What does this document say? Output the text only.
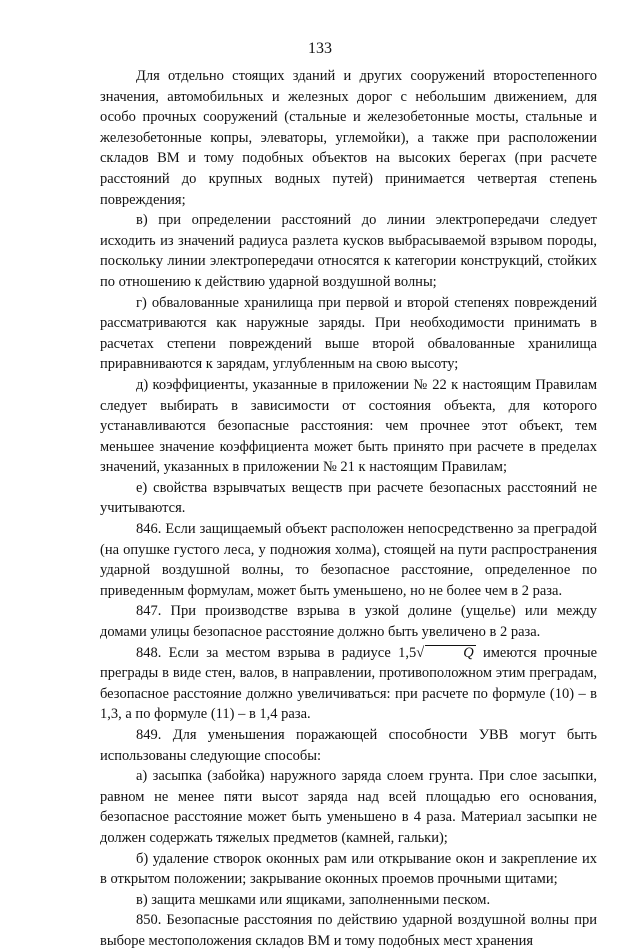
133

Для отдельно стоящих зданий и других сооружений второстепенного значения, автомобильных и железных дорог с небольшим движением, для особо прочных сооружений (стальные и железобетонные мосты, стальные и железобетонные копры, элеваторы, углемойки), а также при расположении складов ВМ и тому подобных объектов на высоких берегах (при расчете расстояний до крупных водных путей) принимается четвертая степень повреждения;

в) при определении расстояний до линии электропередачи следует исходить из значений радиуса разлета кусков выбрасываемой взрывом породы, поскольку линии электропередачи относятся к категории конструкций, стойких по отношению к действию ударной воздушной волны;

г) обвалованные хранилища при первой и второй степенях повреждений рассматриваются как наружные заряды. При необходимости принимать в расчетах степени повреждений выше второй обвалованные хранилища приравниваются к зарядам, углубленным на свою высоту;

д) коэффициенты, указанные в приложении № 22 к настоящим Правилам следует выбирать в зависимости от состояния объекта, для которого устанавливаются безопасные расстояния: чем прочнее этот объект, тем меньшее значение коэффициента может быть принято при расчете в пределах значений, указанных в приложении № 21 к настоящим Правилам;

е) свойства взрывчатых веществ при расчете безопасных расстояний не учитываются.

846. Если защищаемый объект расположен непосредственно за преградой (на опушке густого леса, у подножия холма), стоящей на пути распространения ударной воздушной волны, то безопасное расстояние, определенное по приведенным формулам, может быть уменьшено, но не более чем в 2 раза.

847. При производстве взрыва в узкой долине (ущелье) или между домами улицы безопасное расстояние должно быть увеличено в 2 раза.

848. Если за местом взрыва в радиусе 1,5√	Q имеются прочные преграды в виде стен, валов, в направлении, противоположном этим преградам, безопасное расстояние должно увеличиваться: при расчете по формуле (10) – в 1,3, а по формуле (11) – в 1,4 раза.

849. Для уменьшения поражающей способности УВВ могут быть использованы следующие способы:

а) засыпка (забойка) наружного заряда слоем грунта. При слое засыпки, равном не менее пяти высот заряда над всей площадью его основания, безопасное расстояние может быть уменьшено в 4 раза. Материал засыпки не должен содержать тяжелых предметов (камней, гальки);

б) удаление створок оконных рам или открывание окон и закрепление их в открытом положении; закрывание оконных проемов прочными щитами;

в) защита мешками или ящиками, заполненными песком.

850. Безопасные расстояния по действию ударной воздушной волны при выборе местоположения складов ВМ и тому подобных мест хранения
